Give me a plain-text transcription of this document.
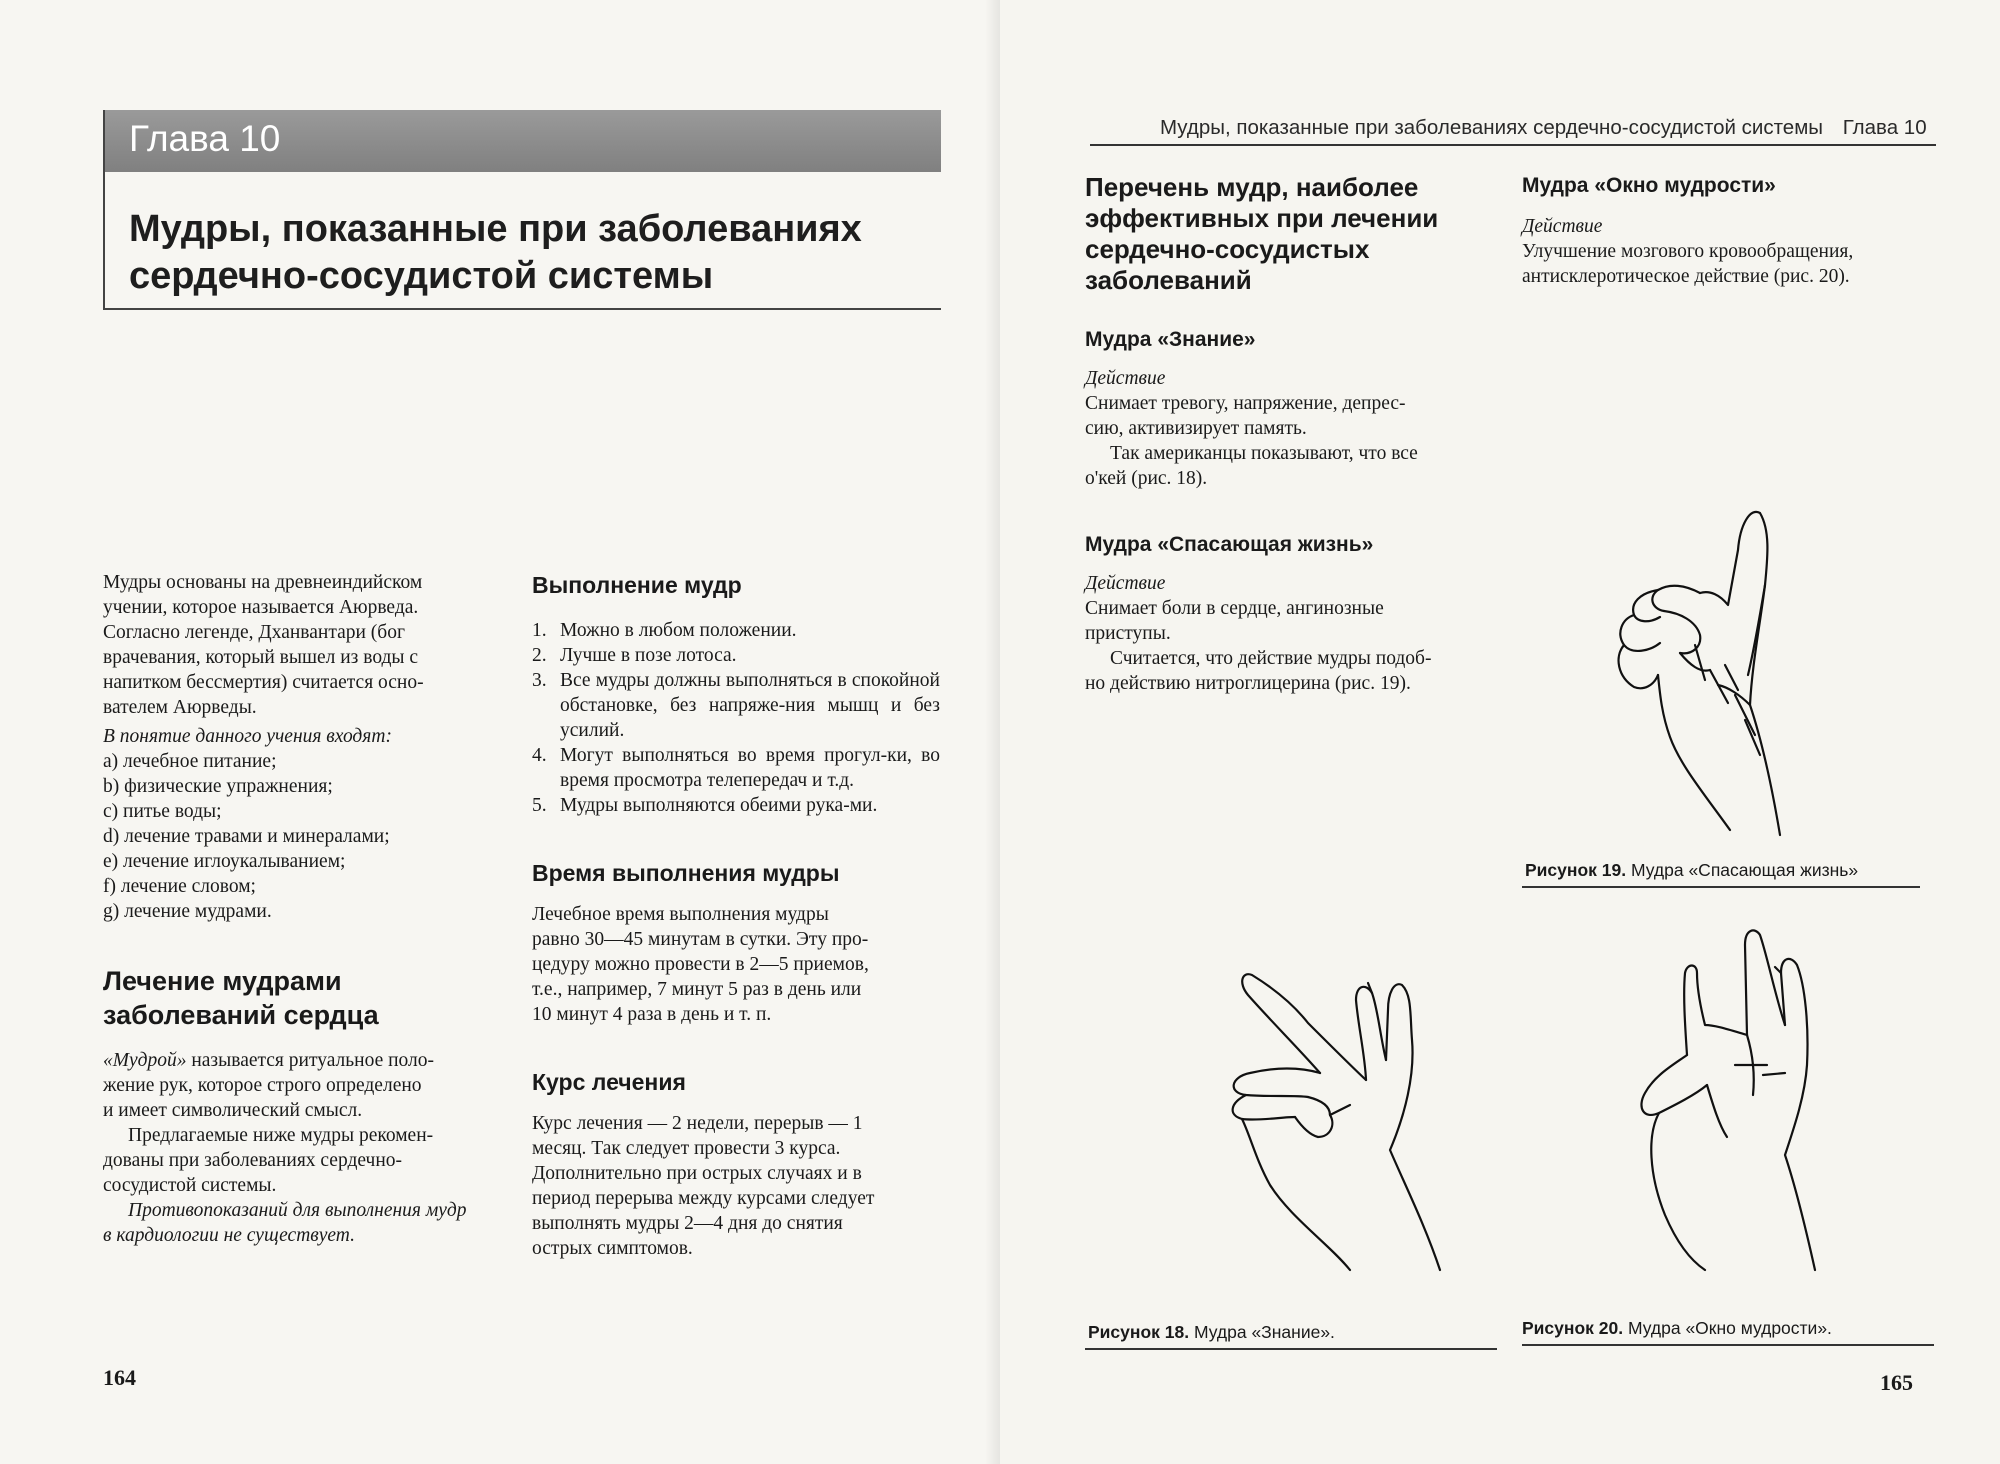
Глава 10
Мудры, показанные при заболеваниях
сердечно-сосудистой системы

Мудры основаны на древнеиндийском
учении, которое называется Аюрведа.
Согласно легенде, Дханвантари (бог
врачевания, который вышел из воды с
напитком бессмертия) считается осно-
вателем Аюрведы.

В понятие данного учения входят:

a) лечебное питание;
b) физические упражнения;
c) питье воды;
d) лечение травами и минералами;
e) лечение иглоукалыванием;
f) лечение словом;
g) лечение мудрами.
Лечение мудрами
заболеваний сердца

«Мудрой» называется ритуальное поло-
жение рук, которое строго определено
и имеет символический смысл.

Предлагаемые ниже мудры рекомен-
дованы при заболеваниях сердечно-
сосудистой системы.

Противопоказаний для выполнения мудр
в кардиологии не существует.

Выполнение мудр
1. Можно в любом положении.
2. Лучше в позе лотоса.
3. Все мудры должны выполняться в спокойной обстановке, без напряже-ния мышц и без усилий.
4. Могут выполняться во время прогул-ки, во время просмотра телепередач и т.д.
5. Мудры выполняются обеими рука-ми.
Время выполнения мудры

Лечебное время выполнения мудры
равно 30—45 минутам в сутки. Эту про-
цедуру можно провести в 2—5 приемов,
т.е., например, 7 минут 5 раз в день или
10 минут 4 раза в день и т. п.

Курс лечения

Курс лечения — 2 недели, перерыв — 1
месяц. Так следует провести 3 курса.
Дополнительно при острых случаях и в
период перерыва между курсами следует
выполнять мудры 2—4 дня до снятия
острых симптомов.

164
Мудры, показанные при заболеваниях сердечно-сосудистой системы Глава 10
Перечень мудр, наиболее
эффективных при лечении
сердечно-сосудистых
заболеваний
Мудра «Знание»

Действие

Снимает тревогу, напряжение, депрес-
сию, активизирует память.
Так американцы показывают, что все
о'кей (рис. 18).

Мудра «Спасающая жизнь»

Действие

Снимает боли в сердце, ангинозные
приступы.
Считается, что действие мудры подоб-
но действию нитроглицерина (рис. 19).

Мудра «Окно мудрости»

Действие

Улучшение мозгового кровообращения,
антисклеротическое действие (рис. 20).

Рисунок 19. Мудра «Спасающая жизнь»
Рисунок 18. Мудра «Знание».	Рисунок 20. Мудра «Окно мудрости».
165
